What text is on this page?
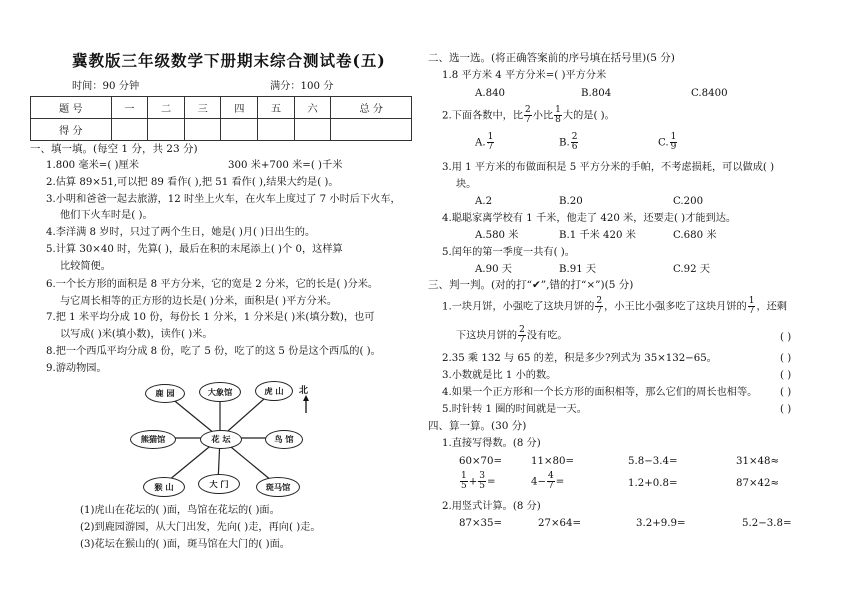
冀教版三年级数学下册期末综合测试卷(五)
时间：90 分钟	满分：100 分
题 号	一	二	三	四	五	六	总 分
得 分							
一、填一填。(每空 1 分，共 23 分)
1.800 毫米=( )厘米	300 米+700 米=( )千米
2.估算 89×51,可以把 89 看作( ),把 51 看作( ),结果大约是( )。
3.小明和爸爸一起去旅游，12 时坐上火车，在火车上度过了 7 小时后下火车，
他们下火车时是( )。
4.李洋满 8 岁时，只过了两个生日，她是( )月( )日出生的。
5.计算 30×40 时，先算( )，最后在积的末尾添上( )个 0，这样算
比较简便。
6.一个长方形的面积是 8 平方分米，它的宽是 2 分米，它的长是( )分米。
与它周长相等的正方形的边长是( )分米，面积是( )平方分米。
7.把 1 米平均分成 10 份，每份长 1 分米，1 分米是( )米(填分数)，也可
以写成( )米(填小数)，读作( )米。
8.把一个西瓜平均分成 8 份，吃了 5 份，吃了的这 5 份是这个西瓜的( )。
9.游动物园。
鹿 园	大象馆	虎 山
熊猫馆	花 坛	鸟 馆
猴 山	大 门	斑马馆
北
(1)虎山在花坛的( )面，鸟馆在花坛的( )面。
(2)到鹿园游园，从大门出发，先向( )走，再向( )走。
(3)花坛在猴山的( )面，斑马馆在大门的( )面。
二、选一选。(将正确答案前的序号填在括号里)(5 分)
1.8 平方米 4 平方分米=( )平方分米
A.840	B.804	C.8400
2.下面各数中，比 $\frac{2}{7}$ 小比 $\frac{1}{8}$ 大的是( )。
A. $\frac{1}{7}$	B. $\frac{2}{6}$	C. $\frac{1}{9}$
3.用 1 平方米的布做面积是 5 平方分米的手帕，不考虑损耗，可以做成( )
块。
A.2	B.20	C.200
4.聪聪家离学校有 1 千米，他走了 420 米，还要走( )才能到达。
A.580 米	B.1 千米 420 米	C.680 米
5.闰年的第一季度一共有( )。
A.90 天	B.91 天	C.92 天
三、判一判。(对的打“✔”,错的打“×”)(5 分)
1.一块月饼，小强吃了这块月饼的 $\frac{2}{7}$ ，小王比小强多吃了这块月饼的 $\frac{1}{7}$ ，还剩
下这块月饼的 $\frac{2}{7}$ 没有吃。	( )
2.35 乘 132 与 65 的差，积是多少?列式为 35×132−65。	( )
3.小数就是比 1 小的数。	( )
4.如果一个正方形和一个长方形的面积相等，那么它们的周长也相等。 ( )
5.时针转 1 圈的时间就是一天。	( )
四、算一算。(30 分)
1.直接写得数。(8 分)
60×70=	11×80=	5.8−3.4=	31×48≈
$\frac{1}{5} + \frac{3}{5}$ =	$4- \frac{4}{7}$ =	1.2+0.8=	87×42≈
2.用竖式计算。(8 分)
87×35=	27×64=	3.2+9.9=	5.2−3.8=
